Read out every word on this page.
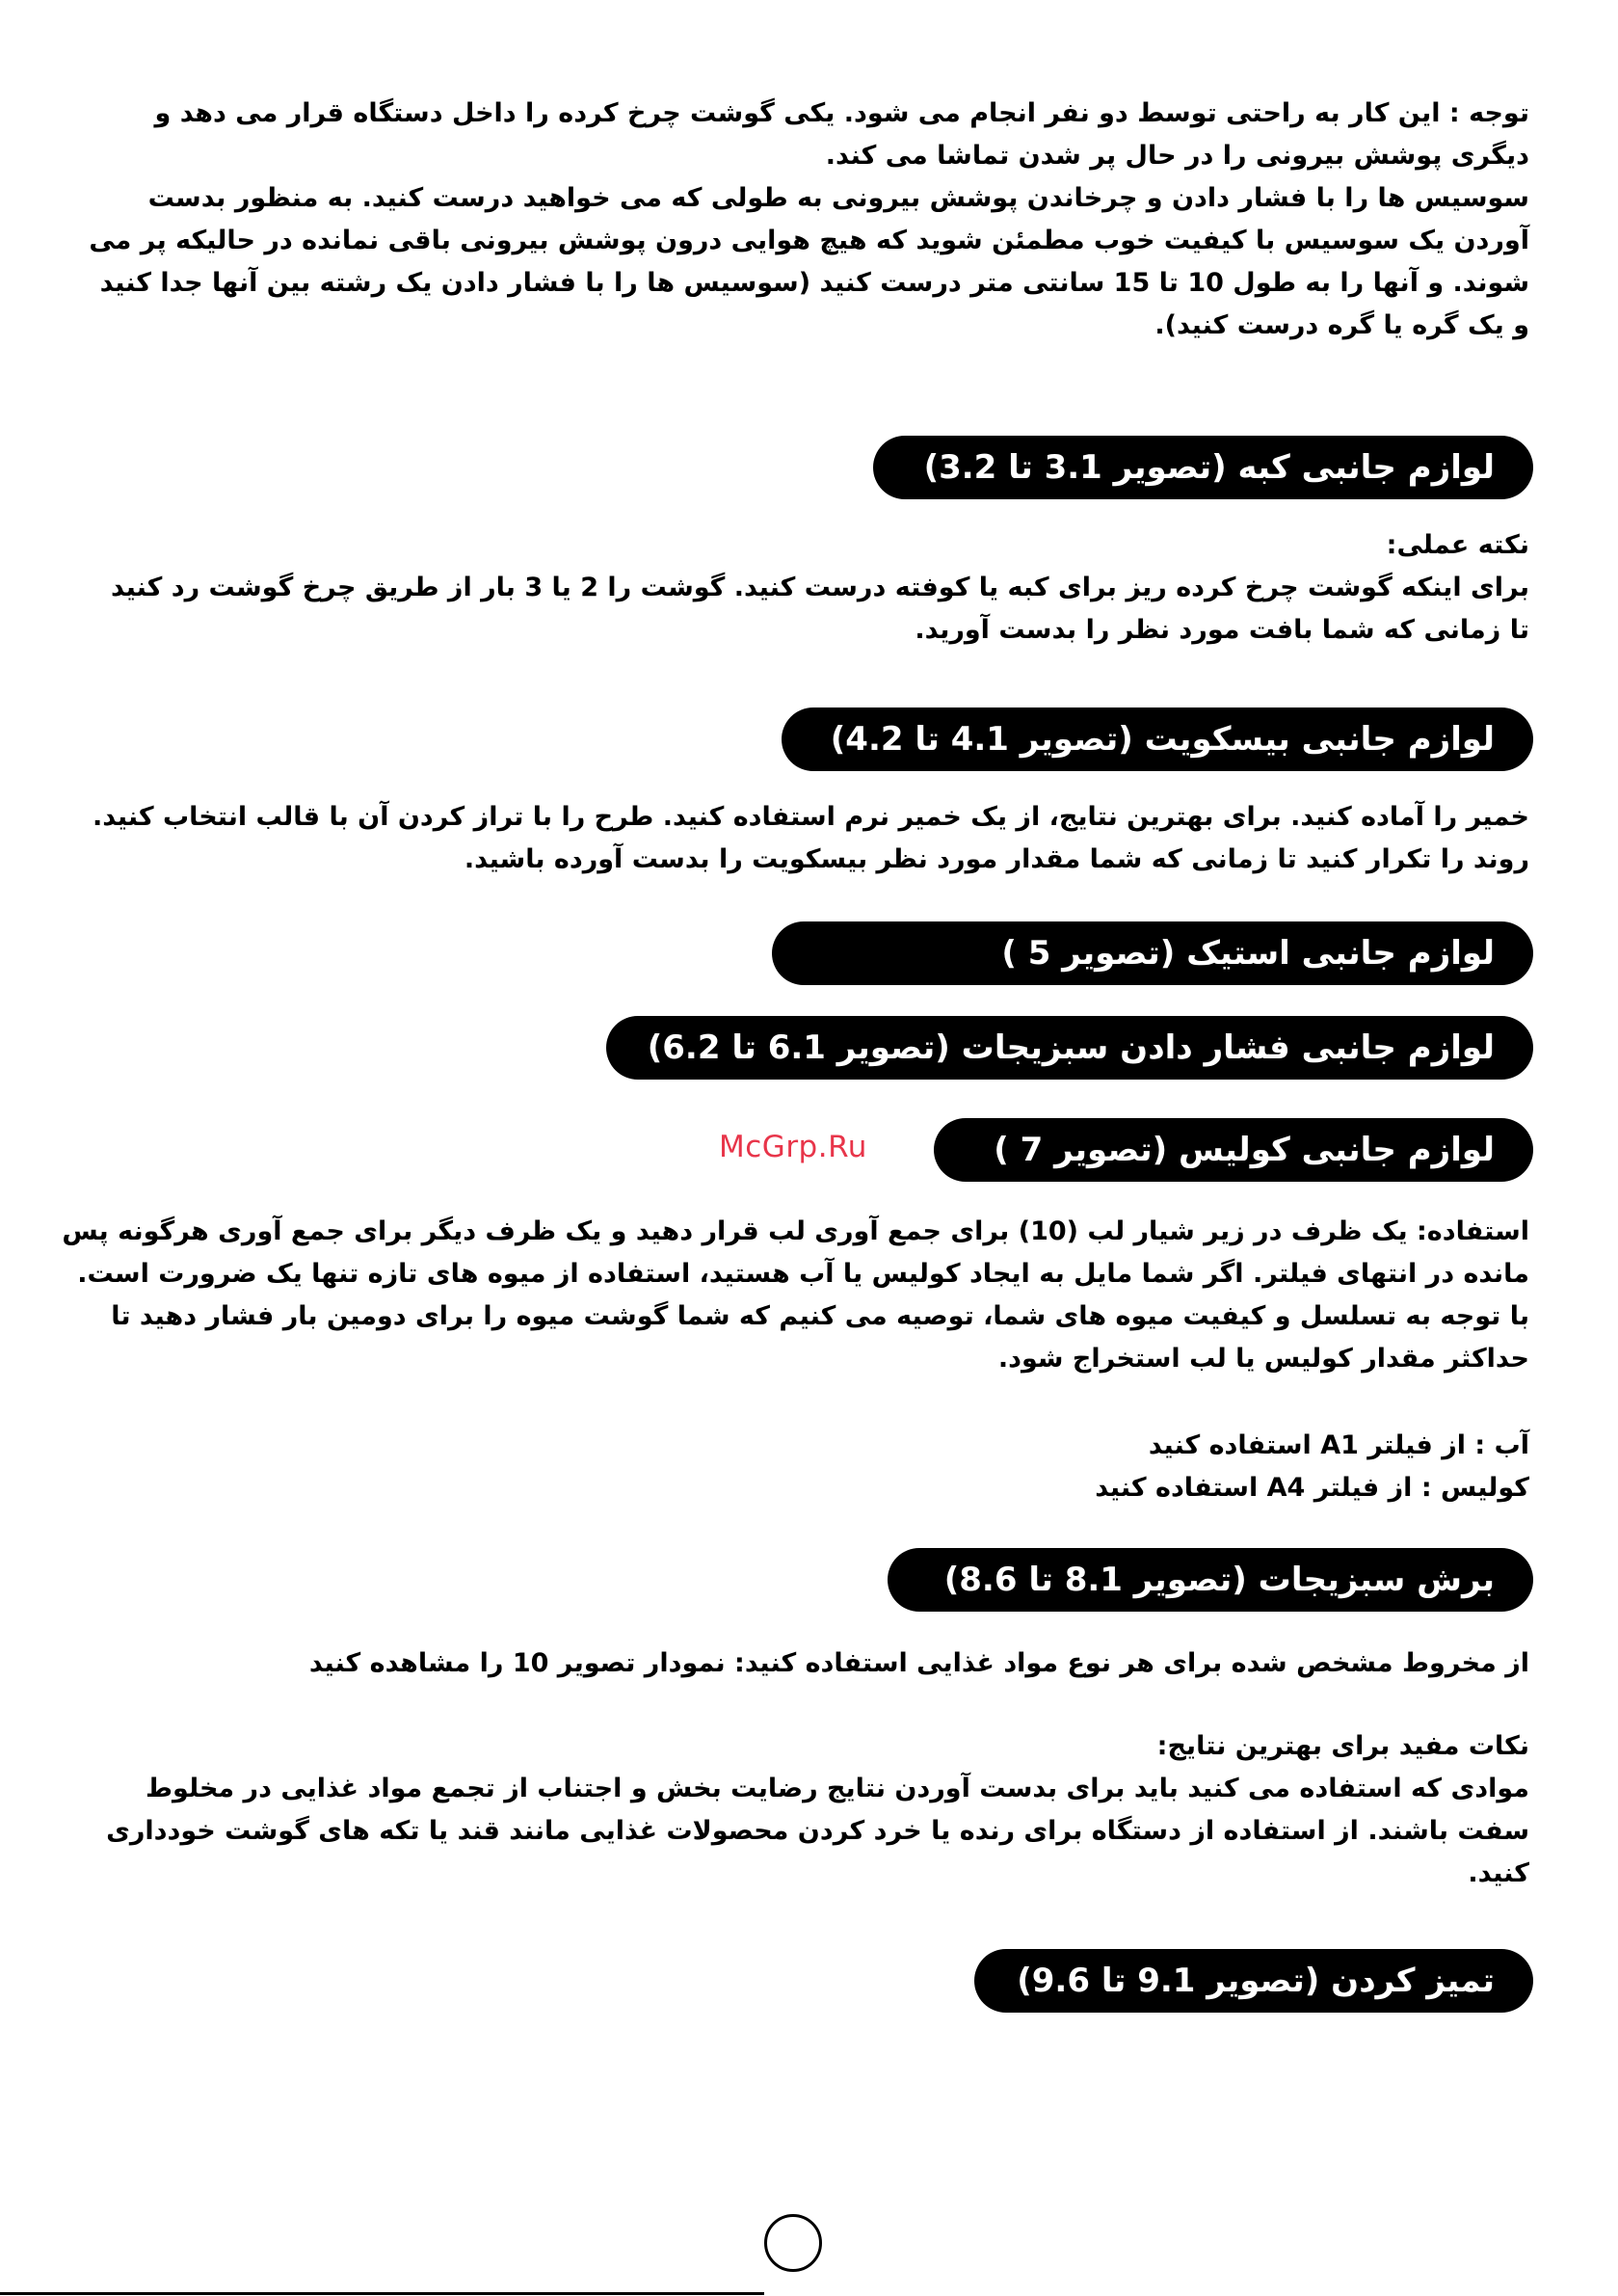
توجه : این کار به راحتی توسط دو نفر انجام می شود. یکی گوشت چرخ کرده را داخل دستگاه قرار می دهد و دیگری پوشش بیرونی را در حال پر شدن تماشا می کند.

سوسیس ها را با فشار دادن و چرخاندن پوشش بیرونی به طولی که می خواهید درست کنید. به منظور بدست آوردن یک سوسیس با کیفیت خوب مطمئن شوید که هیچ هوایی درون پوشش بیرونی باقی نمانده در حالیکه پر می شوند. و آنها را به طول 10 تا 15 سانتی متر درست کنید (سوسیس ها را با فشار دادن یک رشته بین آنها جدا کنید و یک گره یا گره درست کنید).

لوازم جانبی کبه (تصویر 3.1 تا 3.2)

نکته عملی:

برای اینکه گوشت چرخ کرده ریز برای کبه یا کوفته درست کنید. گوشت را 2 یا 3 بار از طریق چرخ گوشت رد کنید تا زمانی که شما بافت مورد نظر را بدست آورید.

لوازم جانبی بیسکویت (تصویر 4.1 تا 4.2)
خمیر را آماده کنید. برای بهترین نتایج، از یک خمیر نرم استفاده کنید. طرح را با تراز کردن آن با قالب انتخاب کنید. روند را تکرار کنید تا زمانی که شما مقدار مورد نظر بیسکویت را بدست آورده باشید.
لوازم جانبی استیک (تصویر 5 )
لوازم جانبی فشار دادن سبزیجات (تصویر 6.1 تا 6.2)
لوازم جانبی کولیس (تصویر 7 )
McGrp.Ru
استفاده: یک ظرف در زیر شیار لب (10) برای جمع آوری لب قرار دهید و یک ظرف دیگر برای جمع آوری هرگونه پس مانده در انتهای فیلتر. اگر شما مایل به ایجاد کولیس یا آب هستید، استفاده از میوه های تازه تنها یک ضرورت است. با توجه به تسلسل و کیفیت میوه های شما، توصیه می کنیم که شما گوشت میوه را برای دومین بار فشار دهید تا حداکثر مقدار کولیس یا لب استخراج شود.

آب : از فیلتر A1 استفاده کنید

کولیس : از فیلتر A4 استفاده کنید

برش سبزیجات (تصویر 8.1 تا 8.6)
از مخروط مشخص شده برای هر نوع مواد غذایی استفاده کنید: نمودار تصویر 10 را مشاهده کنید

نکات مفید برای بهترین نتایج:

موادی که استفاده می کنید باید برای بدست آوردن نتایج رضایت بخش و اجتناب از تجمع مواد غذایی در مخلوط سفت باشند. از استفاده از دستگاه برای رنده یا خرد کردن محصولات غذایی مانند قند یا تکه های گوشت خودداری کنید.

تمیز کردن (تصویر 9.1 تا 9.6)
